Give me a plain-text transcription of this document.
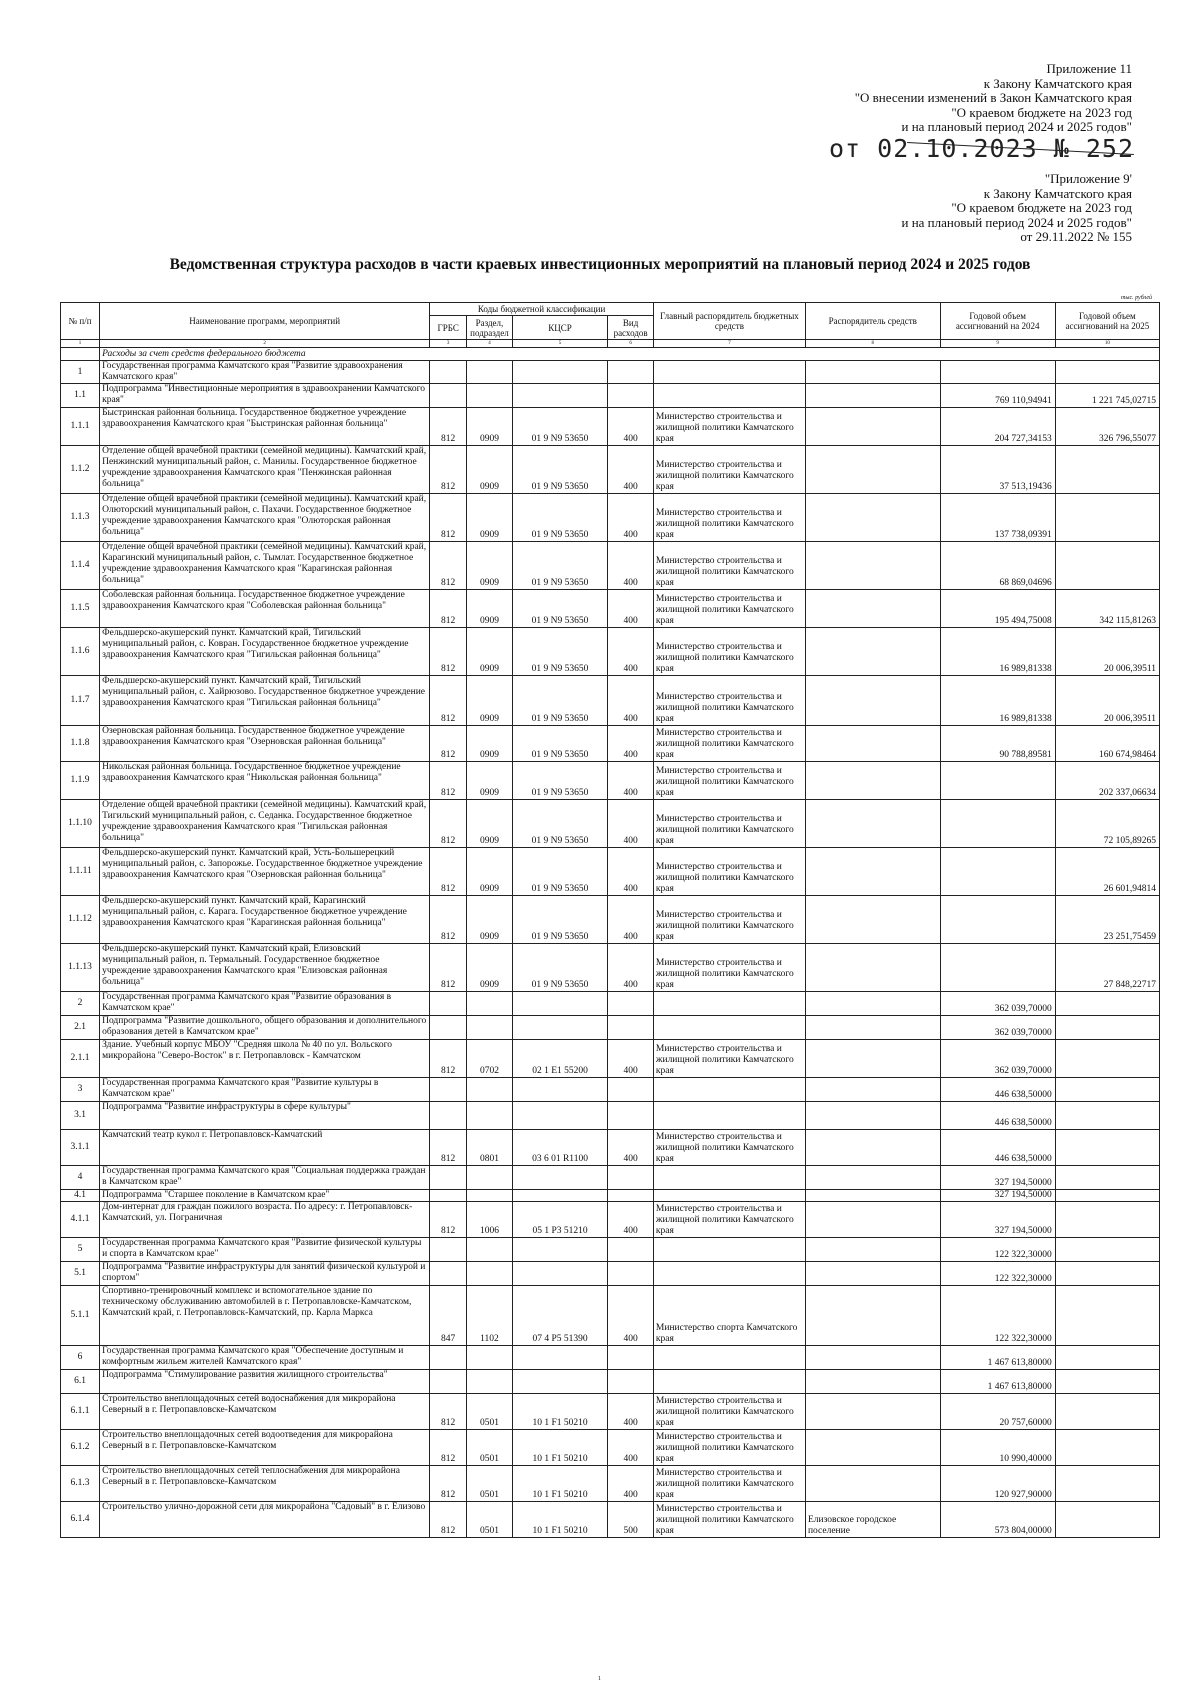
Приложение 11
к Закону Камчатского края
"О внесении изменений в Закон Камчатского края
"О краевом бюджете на 2023 год
и на плановый период 2024 и 2025 годов"
от 02.10.2023 № 252
"Приложение 9'
к Закону Камчатского края
"О краевом бюджете на 2023 год
и на плановый период 2024 и 2025 годов"
от 29.11.2022 № 155
Ведомственная структура расходов в части краевых инвестиционных мероприятий на плановый период 2024 и 2025 годов
тыс. рублей
№ п/п	Наименование программ, мероприятий	Коды бюджетной классификации				Главный распорядитель бюджетных средств	Распорядитель средств	Годовой объем ассигнований на 2024	Годовой объем ассигнований на 2025
		ГРБС	Раздел, подраздел	КЦСР	Вид расходов				
1	2	3	4	5	6	7	8	9	10
	Расходы за счет средств федерального бюджета								
1	Государственная программа Камчатского края "Развитие здравоохранения Камчатского края"								
1.1	Подпрограмма "Инвестиционные мероприятия в здравоохранении Камчатского края"							769 110,94941	1 221 745,02715
1.1.1	Быстринская районная больница. Государственное бюджетное учреждение здравоохранения Камчатского края "Быстринская районная больница"	812	0909	01 9 N9 53650	400	Министерство строительства и жилищной политики Камчатского края		204 727,34153	326 796,55077
1.1.2	Отделение общей врачебной практики (семейной медицины). Камчатский край, Пенжинский муниципальный район, с. Манилы. Государственное бюджетное учреждение здравоохранения Камчатского края "Пенжинская районная больница"	812	0909	01 9 N9 53650	400	Министерство строительства и жилищной политики Камчатского края		37 513,19436	
1.1.3	Отделение общей врачебной практики (семейной медицины). Камчатский край, Олюторский муниципальный район, с. Пахачи. Государственное бюджетное учреждение здравоохранения Камчатского края "Олюторская районная больница"	812	0909	01 9 N9 53650	400	Министерство строительства и жилищной политики Камчатского края		137 738,09391	
1.1.4	Отделение общей врачебной практики (семейной медицины). Камчатский край, Карагинский муниципальный район, с. Тымлат. Государственное бюджетное учреждение здравоохранения Камчатского края "Карагинская районная больница"	812	0909	01 9 N9 53650	400	Министерство строительства и жилищной политики Камчатского края		68 869,04696	
1.1.5	Соболевская районная больница. Государственное бюджетное учреждение здравоохранения Камчатского края "Соболевская районная больница"	812	0909	01 9 N9 53650	400	Министерство строительства и жилищной политики Камчатского края		195 494,75008	342 115,81263
1.1.6	Фельдшерско-акушерский пункт. Камчатский край, Тигильский муниципальный район, с. Ковран. Государственное бюджетное учреждение здравоохранения Камчатского края "Тигильская районная больница"	812	0909	01 9 N9 53650	400	Министерство строительства и жилищной политики Камчатского края		16 989,81338	20 006,39511
1.1.7	Фельдшерско-акушерский пункт. Камчатский край, Тигильский муниципальный район, с. Хайрюзово. Государственное бюджетное учреждение здравоохранения Камчатского края "Тигильская районная больница"	812	0909	01 9 N9 53650	400	Министерство строительства и жилищной политики Камчатского края		16 989,81338	20 006,39511
1.1.8	Озерновская районная больница. Государственное бюджетное учреждение здравоохранения Камчатского края "Озерновская районная больница"	812	0909	01 9 N9 53650	400	Министерство строительства и жилищной политики Камчатского края		90 788,89581	160 674,98464
1.1.9	Никольская районная больница. Государственное бюджетное учреждение здравоохранения Камчатского края "Никольская районная больница"	812	0909	01 9 N9 53650	400	Министерство строительства и жилищной политики Камчатского края			202 337,06634
1.1.10	Отделение общей врачебной практики (семейной медицины). Камчатский край, Тигильский муниципальный район, с. Седанка. Государственное бюджетное учреждение здравоохранения Камчатского края "Тигильская районная больница"	812	0909	01 9 N9 53650	400	Министерство строительства и жилищной политики Камчатского края			72 105,89265
1.1.11	Фельдшерско-акушерский пункт. Камчатский край, Усть-Большерецкий муниципальный район, с. Запорожье. Государственное бюджетное учреждение здравоохранения Камчатского края "Озерновская районная больница"	812	0909	01 9 N9 53650	400	Министерство строительства и жилищной политики Камчатского края			26 601,94814
1.1.12	Фельдшерско-акушерский пункт. Камчатский край, Карагинский муниципальный район, с. Карага. Государственное бюджетное учреждение здравоохранения Камчатского края "Карагинская районная больница"	812	0909	01 9 N9 53650	400	Министерство строительства и жилищной политики Камчатского края			23 251,75459
1.1.13	Фельдшерско-акушерский пункт. Камчатский край, Елизовский муниципальный район, п. Термальный. Государственное бюджетное учреждение здравоохранения Камчатского края "Елизовская районная больница"	812	0909	01 9 N9 53650	400	Министерство строительства и жилищной политики Камчатского края			27 848,22717
2	Государственная программа Камчатского края "Развитие образования в Камчатском крае"							362 039,70000	
2.1	Подпрограмма "Развитие дошкольного, общего образования и дополнительного образования детей в Камчатском крае"							362 039,70000	
2.1.1	Здание. Учебный корпус МБОУ "Средняя школа № 40 по ул. Вольского микрорайона "Северо-Восток" в г. Петропавловск - Камчатском	812	0702	02 1 E1 55200	400	Министерство строительства и жилищной политики Камчатского края		362 039,70000	
3	Государственная программа Камчатского края "Развитие культуры в Камчатском крае"							446 638,50000	
3.1	Подпрограмма "Развитие инфраструктуры в сфере культуры"							446 638,50000	
3.1.1	Камчатский театр кукол г. Петропавловск-Камчатский	812	0801	03 6 01 R1100	400	Министерство строительства и жилищной политики Камчатского края		446 638,50000	
4	Государственная программа Камчатского края "Социальная поддержка граждан в Камчатском крае"							327 194,50000	
4.1	Подпрограмма "Старшее поколение в Камчатском крае"							327 194,50000	
4.1.1	Дом-интернат для граждан пожилого возраста. По адресу: г. Петропавловск-Камчатский, ул. Пограничная	812	1006	05 1 P3 51210	400	Министерство строительства и жилищной политики Камчатского края		327 194,50000	
5	Государственная программа Камчатского края "Развитие физической культуры и спорта в Камчатском крае"							122 322,30000	
5.1	Подпрограмма "Развитие инфраструктуры для занятий физической культурой и спортом"							122 322,30000	
5.1.1	Спортивно-тренировочный комплекс и вспомогательное здание по техническому обслуживанию автомобилей в г. Петропавловске-Камчатском, Камчатский край, г. Петропавловск-Камчатский, пр. Карла Маркса	847	1102	07 4 P5 51390	400	Министерство спорта Камчатского края		122 322,30000	
6	Государственная программа Камчатского края "Обеспечение доступным и комфортным жильем жителей Камчатского края"							1 467 613,80000	
6.1	Подпрограмма "Стимулирование развития жилищного строительства"							1 467 613,80000	
6.1.1	Строительство внеплощадочных сетей водоснабжения для микрорайона Северный в г. Петропавловске-Камчатском	812	0501	10 1 F1 50210	400	Министерство строительства и жилищной политики Камчатского края		20 757,60000	
6.1.2	Строительство внеплощадочных сетей водоотведения для микрорайона Северный в г. Петропавловске-Камчатском	812	0501	10 1 F1 50210	400	Министерство строительства и жилищной политики Камчатского края		10 990,40000	
6.1.3	Строительство внеплощадочных сетей теплоснабжения для микрорайона Северный в г. Петропавловске-Камчатском	812	0501	10 1 F1 50210	400	Министерство строительства и жилищной политики Камчатского края		120 927,90000	
6.1.4	Строительство улично-дорожной сети для микрорайона "Садовый" в г. Елизово	812	0501	10 1 F1 50210	500	Министерство строительства и жилищной политики Камчатского края	Елизовское городское поселение	573 804,00000	
1
